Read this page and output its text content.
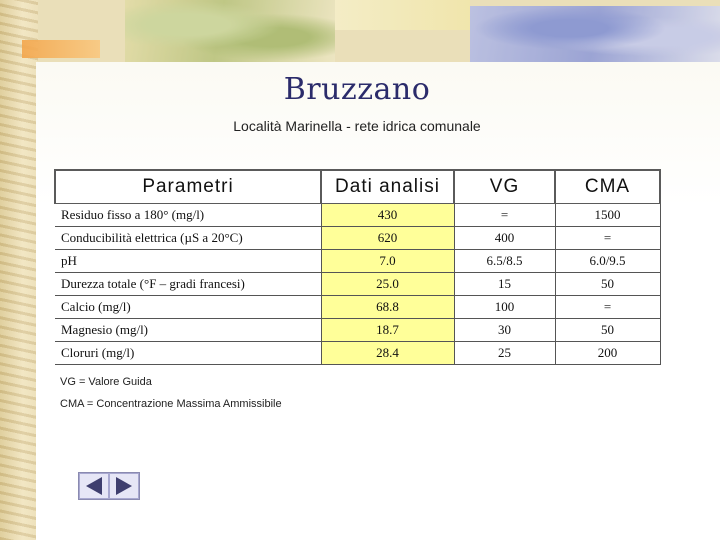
Bruzzano
Località Marinella - rete idrica comunale
Parametri	Dati analisi	VG	CMA
Residuo fisso a 180° (mg/l)	430	=	1500
Conducibilità elettrica (µS a 20°C)	620	400	=
pH	7.0	6.5/8.5	6.0/9.5
Durezza totale (°F – gradi francesi)	25.0	15	50
Calcio (mg/l)	68.8	100	=
Magnesio (mg/l)	18.7	30	50
Cloruri (mg/l)	28.4	25	200
VG = Valore Guida
CMA = Concentrazione Massima Ammissibile
